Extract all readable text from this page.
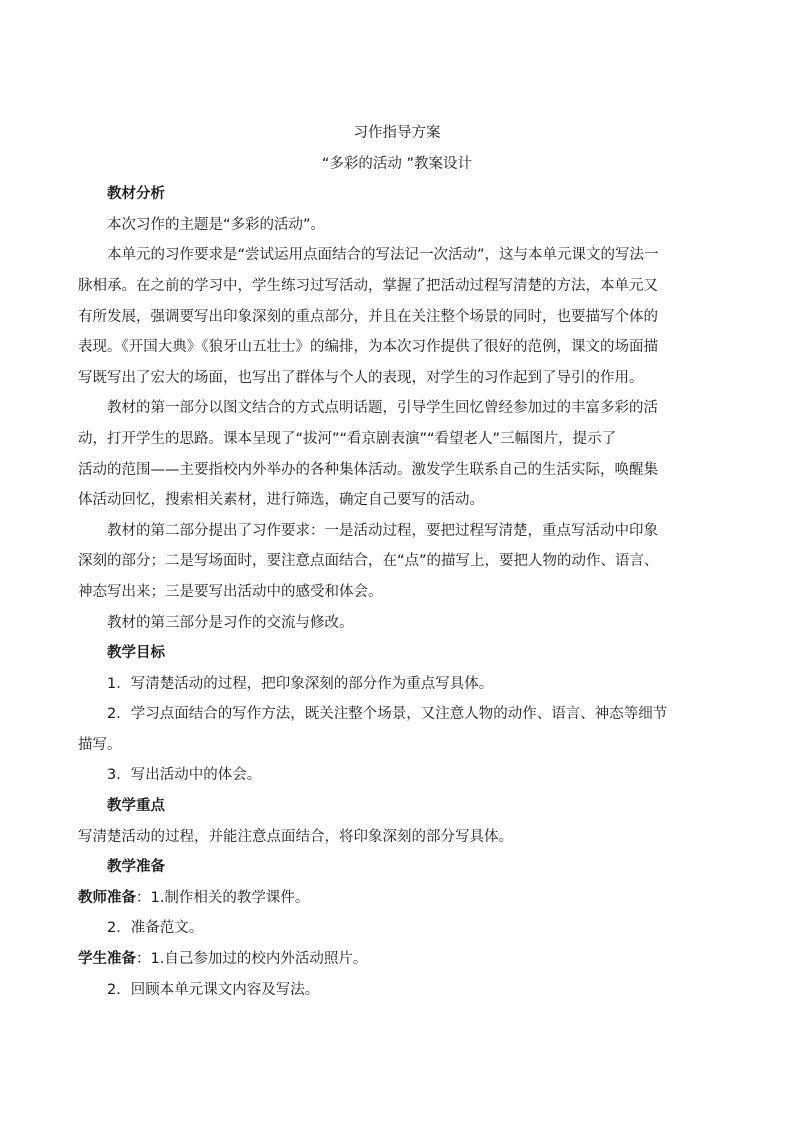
习作指导方案
“多彩的活动 ”教案设计
教材分析
本次习作的主题是“多彩的活动”。
本单元的习作要求是“尝试运用点面结合的写法记一次活动”，这与本单元课文的写法一
脉相承。在之前的学习中，学生练习过写活动，掌握了把活动过程写清楚的方法，本单元又
有所发展，强调要写出印象深刻的重点部分，并且在关注整个场景的同时，也要描写个体的
表现。《开国大典》《狼牙山五壮士》的编排，为本次习作提供了很好的范例，课文的场面描
写既写出了宏大的场面，也写出了群体与个人的表现，对学生的习作起到了导引的作用。
教材的第一部分以图文结合的方式点明话题，引导学生回忆曾经参加过的丰富多彩的活
动，打开学生的思路。课本呈现了“拔河”“看京剧表演”“看望老人”三幅图片，提示了
活动的范围——主要指校内外举办的各种集体活动。激发学生联系自己的生活实际，唤醒集
体活动回忆，搜索相关素材，进行筛选，确定自己要写的活动。
教材的第二部分提出了习作要求：一是活动过程，要把过程写清楚，重点写活动中印象
深刻的部分；二是写场面时，要注意点面结合，在“点”的描写上，要把人物的动作、语言、
神态写出来；三是要写出活动中的感受和体会。
教材的第三部分是习作的交流与修改。
教学目标
1．写清楚活动的过程，把印象深刻的部分作为重点写具体。
2．学习点面结合的写作方法，既关注整个场景，又注意人物的动作、语言、神态等细节
描写。
3．写出活动中的体会。
教学重点
写清楚活动的过程，并能注意点面结合，将印象深刻的部分写具体。
教学准备
教师准备：1.制作相关的教学课件。
2．准备范文。
学生准备：1.自己参加过的校内外活动照片。
2．回顾本单元课文内容及写法。
